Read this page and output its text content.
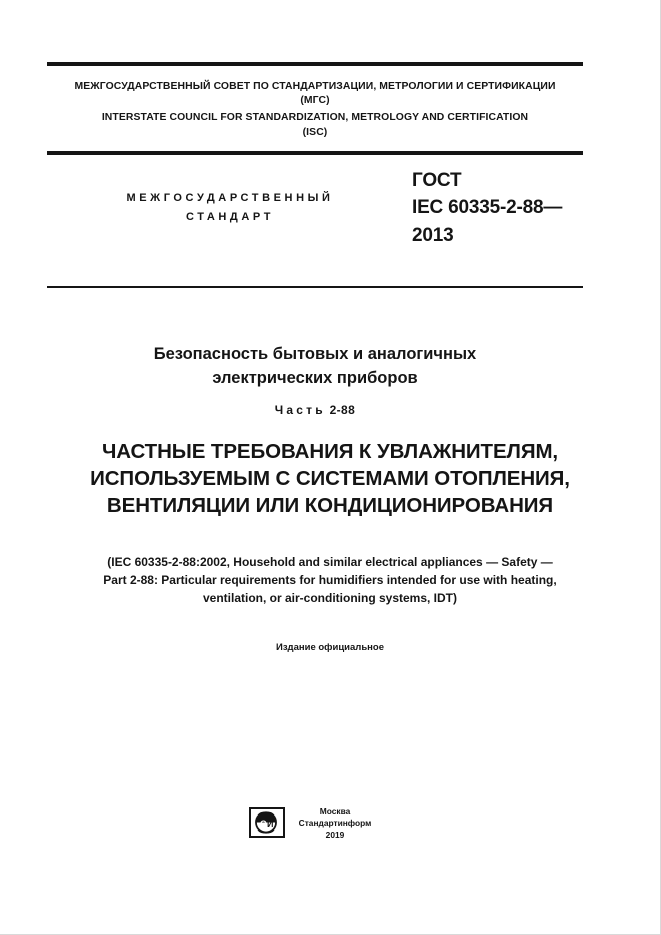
МЕЖГОСУДАРСТВЕННЫЙ СОВЕТ ПО СТАНДАРТИЗАЦИИ, МЕТРОЛОГИИ И СЕРТИФИКАЦИИ
(МГС)
INTERSTATE COUNCIL FOR STANDARDIZATION, METROLOGY AND CERTIFICATION
(ISC)
МЕЖГОСУДАРСТВЕННЫЙ
СТАНДАРТ
ГОСТ
IEC 60335-2-88—
2013
Безопасность бытовых и аналогичных
электрических приборов
Часть 2-88
ЧАСТНЫЕ ТРЕБОВАНИЯ К УВЛАЖНИТЕЛЯМ,
ИСПОЛЬЗУЕМЫМ С СИСТЕМАМИ ОТОПЛЕНИЯ,
ВЕНТИЛЯЦИИ ИЛИ КОНДИЦИОНИРОВАНИЯ
(IEC 60335-2-88:2002, Household and similar electrical appliances — Safety —
Part 2-88: Particular requirements for humidifiers intended for use with heating,
ventilation, or air-conditioning systems, IDT)
Издание официальное
С И
Москва
Стандартинформ
2019
